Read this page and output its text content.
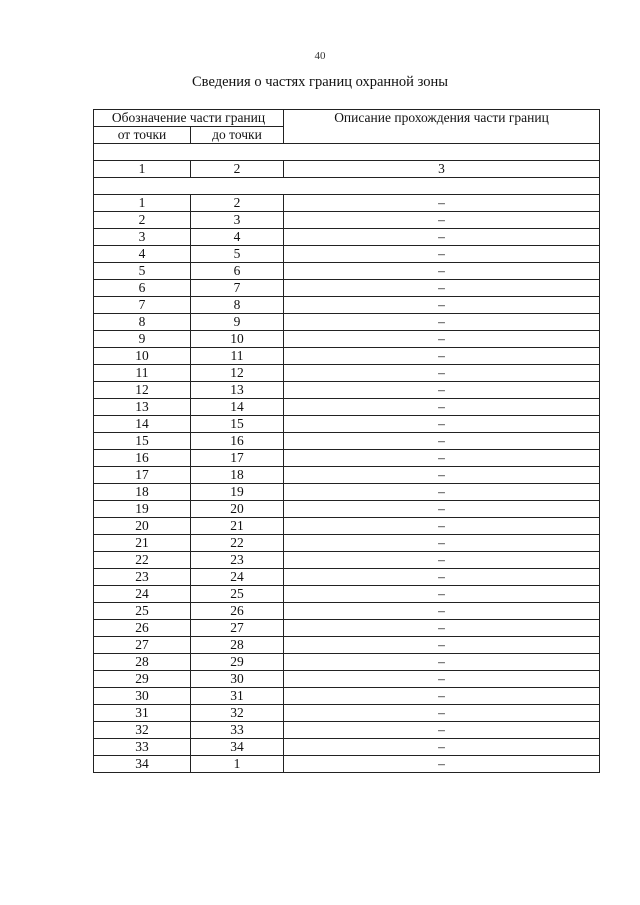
40
Сведения о частях границ охранной зоны
Обозначение части границ		Описание прохождения части границ
от точки	до точки	

1	2	3

1	2	–
2	3	–
3	4	–
4	5	–
5	6	–
6	7	–
7	8	–
8	9	–
9	10	–
10	11	–
11	12	–
12	13	–
13	14	–
14	15	–
15	16	–
16	17	–
17	18	–
18	19	–
19	20	–
20	21	–
21	22	–
22	23	–
23	24	–
24	25	–
25	26	–
26	27	–
27	28	–
28	29	–
29	30	–
30	31	–
31	32	–
32	33	–
33	34	–
34	1	–
